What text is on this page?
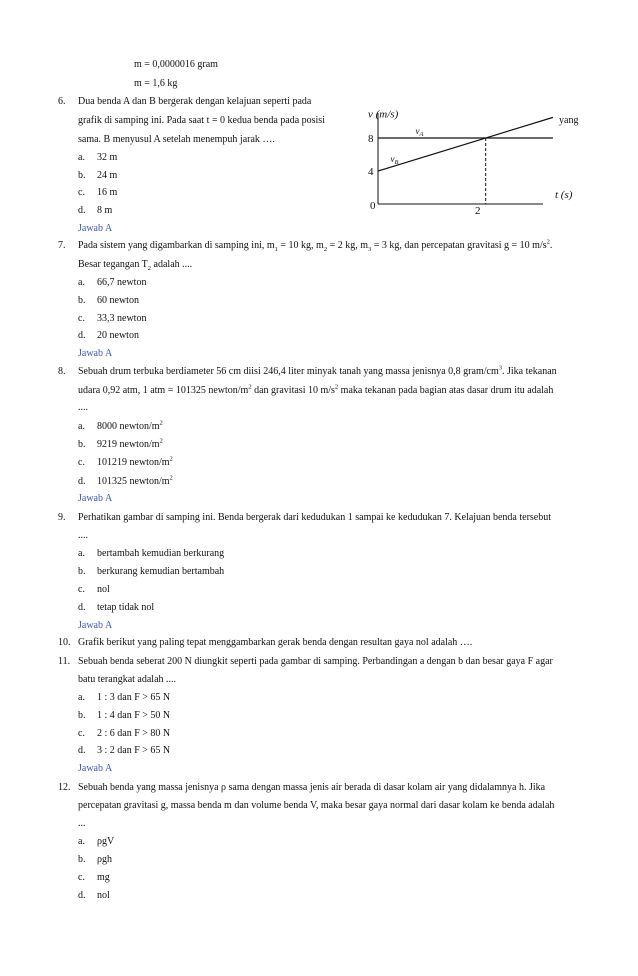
m = 0,0000016 gram
m = 1,6 kg
6. Dua benda A dan B bergerak dengan kelajuan seperti pada
grafik di samping ini. Pada saat t = 0 kedua benda pada posisi	yang
sama. B menyusul A setelah menempuh jarak ….
a. 32 m
b. 24 m
c. 16 m
d. 8 m
Jawab A
v (m/s)
t (s)
0	2
4
8
$v_A$
$v_B$
7. Pada sistem yang digambarkan di samping ini, $m_1 = 10$ kg, $m_2 = 2$ kg, $m_3 = 3$ kg, dan percepatan gravitasi g = 10 $m/s^2$.
Besar tegangan $T_2$ adalah ....
a. 66,7 newton
b. 60 newton
c. 33,3 newton
d. 20 newton
Jawab A
8. Sebuah drum terbuka berdiameter 56 cm diisi 246,4 liter minyak tanah yang massa jenisnya 0,8 gram/$cm^3$. Jika tekanan
udara 0,92 atm, 1 atm = 101325 newton/$m^2$ dan gravitasi 10 $m/s^2$ maka tekanan pada bagian atas dasar drum itu adalah
....
a. 8000 newton/$m^2$
b. 9219 newton/$m^2$
c. 101219 newton/$m^2$
d. 101325 newton/$m^2$
Jawab A
9. Perhatikan gambar di samping ini. Benda bergerak dari kedudukan 1 sampai ke kedudukan 7. Kelajuan benda tersebut
....
a. bertambah kemudian berkurang
b. berkurang kemudian bertambah
c. nol
d. tetap tidak nol
Jawab A
10. Grafik berikut yang paling tepat menggambarkan gerak benda dengan resultan gaya nol adalah ….
11. Sebuah benda seberat 200 N diungkit seperti pada gambar di samping. Perbandingan a dengan b dan besar gaya F agar
batu terangkat adalah ....
a. 1 : 3 dan F > 65 N
b. 1 : 4 dan F > 50 N
c. 2 : 6 dan F > 80 N
d. 3 : 2 dan F > 65 N
Jawab A
12. Sebuah benda yang massa jenisnya ρ sama dengan massa jenis air berada di dasar kolam air yang didalamnya h. Jika
percepatan gravitasi g, massa benda m dan volume benda V, maka besar gaya normal dari dasar kolam ke benda adalah
...
a. ρgV
b. ρgh
c. mg
d. nol
